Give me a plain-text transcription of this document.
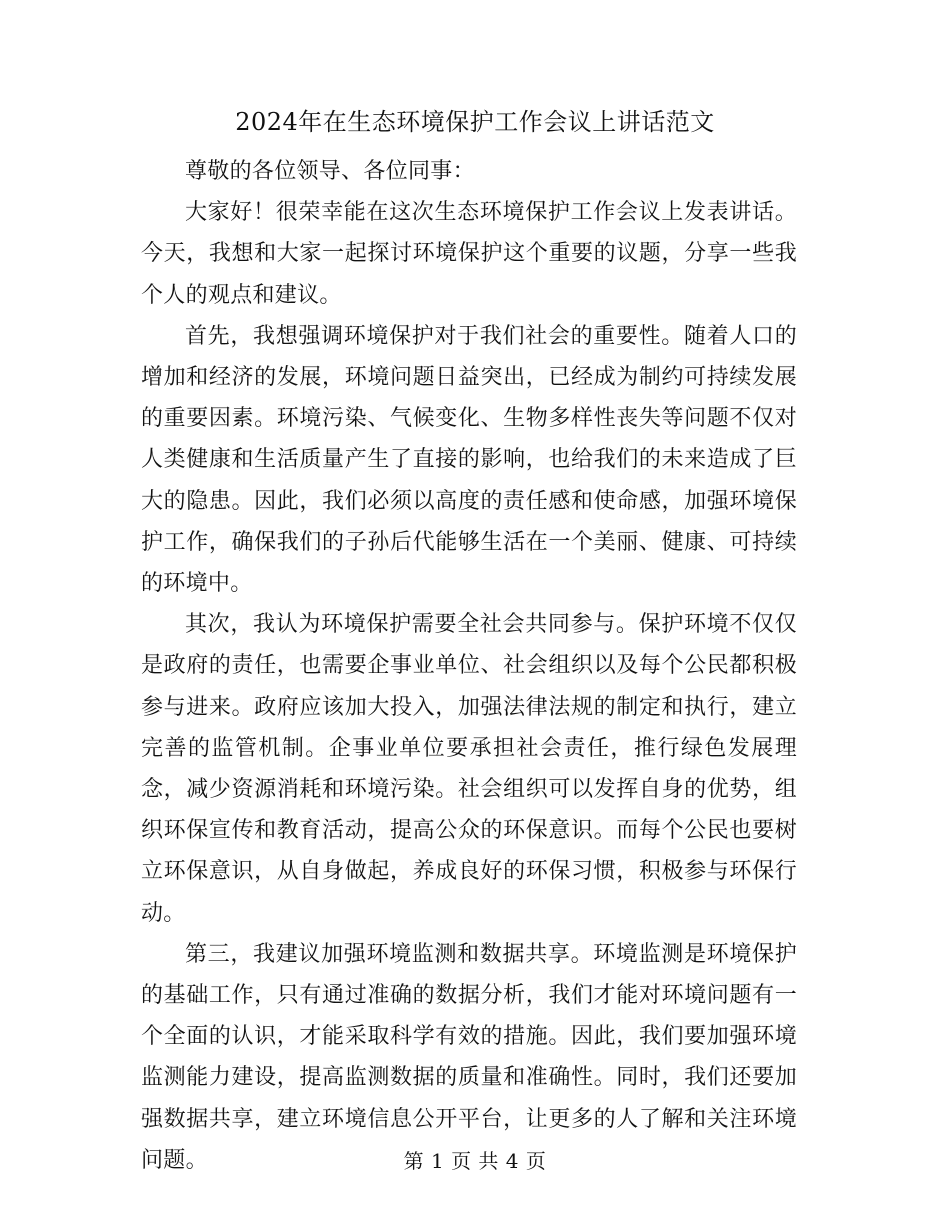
2024年在生态环境保护工作会议上讲话范文

尊敬的各位领导、各位同事：

大家好！很荣幸能在这次生态环境保护工作会议上发表讲话。今天，我想和大家一起探讨环境保护这个重要的议题，分享一些我个人的观点和建议。

首先，我想强调环境保护对于我们社会的重要性。随着人口的增加和经济的发展，环境问题日益突出，已经成为制约可持续发展的重要因素。环境污染、气候变化、生物多样性丧失等问题不仅对人类健康和生活质量产生了直接的影响，也给我们的未来造成了巨大的隐患。因此，我们必须以高度的责任感和使命感，加强环境保护工作，确保我们的子孙后代能够生活在一个美丽、健康、可持续的环境中。

其次，我认为环境保护需要全社会共同参与。保护环境不仅仅是政府的责任，也需要企事业单位、社会组织以及每个公民都积极参与进来。政府应该加大投入，加强法律法规的制定和执行，建立完善的监管机制。企事业单位要承担社会责任，推行绿色发展理念，减少资源消耗和环境污染。社会组织可以发挥自身的优势，组织环保宣传和教育活动，提高公众的环保意识。而每个公民也要树立环保意识，从自身做起，养成良好的环保习惯，积极参与环保行动。

第三，我建议加强环境监测和数据共享。环境监测是环境保护的基础工作，只有通过准确的数据分析，我们才能对环境问题有一个全面的认识，才能采取科学有效的措施。因此，我们要加强环境监测能力建设，提高监测数据的质量和准确性。同时，我们还要加强数据共享，建立环境信息公开平台，让更多的人了解和关注环境问题。	第 1 页 共 4 页
